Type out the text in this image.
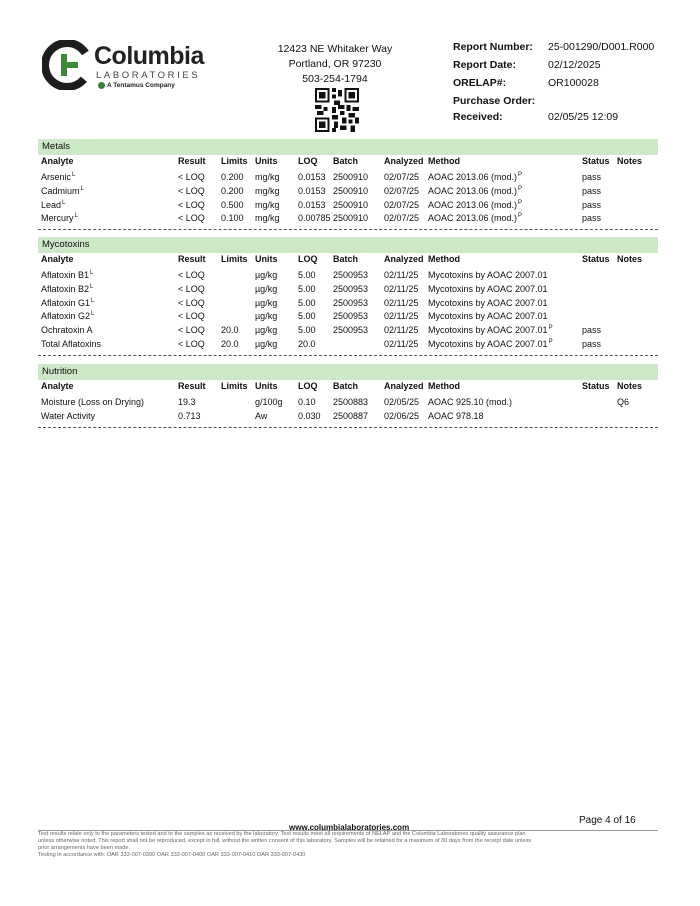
Columbia
LABORATORIES
A Tentamus Company
12423 NE Whitaker Way
Portland, OR 97230
503-254-1794
Report Number: 25-001290/D001.R000
Report Date:	02/12/2025
ORELAP#:	OR100028
Purchase Order:
Received:	02/05/25 12:09
Metals
Analyte	Result Limits Units LOQ Batch	Analyzed Method	Status Notes
Arsenic$^L$	< LOQ 0.200 mg/kg 0.0153 2500910 02/07/25 AOAC 2013.06 $(mod.)^P$	pass
Cadmium$^L$	< LOQ 0.200 mg/kg 0.0153 2500910 02/07/25 AOAC 2013.06 $(mod.)^P$	pass
Lead$^L$	< LOQ 0.500 mg/kg 0.0153 2500910 02/07/25 AOAC 2013.06 $(mod.)^P$	pass
Mercury$^L$	< LOQ 0.100 mg/kg 0.00785 2500910 02/07/25 AOAC 2013.06 $(mod.)^P$	pass
Mycotoxins
Analyte	Result Limits Units LOQ Batch	Analyzed Method	Status Notes
Aflatoxin $B1^L$	< LOQ	µg/kg 5.00 2500953 02/11/25 Mycotoxins by AOAC 2007.01
Aflatoxin $B2^L$	< LOQ	µg/kg 5.00 2500953 02/11/25 Mycotoxins by AOAC 2007.01
Aflatoxin $G1^L$	< LOQ	µg/kg 5.00 2500953 02/11/25 Mycotoxins by AOAC 2007.01
Aflatoxin $G2^L$	< LOQ	µg/kg 5.00 2500953 02/11/25 Mycotoxins by AOAC 2007.01
Ochratoxin A	< LOQ 20.0 µg/kg 5.00 2500953 02/11/25 Mycotoxins by AOAC $2007.01^P$	pass
Total Aflatoxins	< LOQ 20.0 µg/kg 20.0	02/11/25 Mycotoxins by AOAC $2007.01^P$	pass
Nutrition
Analyte	Result Limits Units LOQ Batch	Analyzed Method	Status Notes
Moisture (Loss on Drying)	19.3	g/100g 0.10 2500883 02/05/25 AOAC 925.10 (mod.)	Q6
Water Activity	0.713	Aw	0.030 2500887 02/06/25 AOAC 978.18
Page 4 of 16
www.columbialaboratories.com
Test results relate only to the parameters tested and to the samples as received by the laboratory. Test results meet all requirements of NELAP and the Columbia Laboratories quality assurance plan
unless otherwise noted. This report shall not be reproduced, except in full, without the written consent of this laboratory. Samples will be retained for a maximum of 30 days from the receipt date unless
prior arrangements have been made.
Testing in accordance with: OAR 333-007-0390 OAR 333-007-0400 OAR 333-007-0410 OAR 333-007-0430
